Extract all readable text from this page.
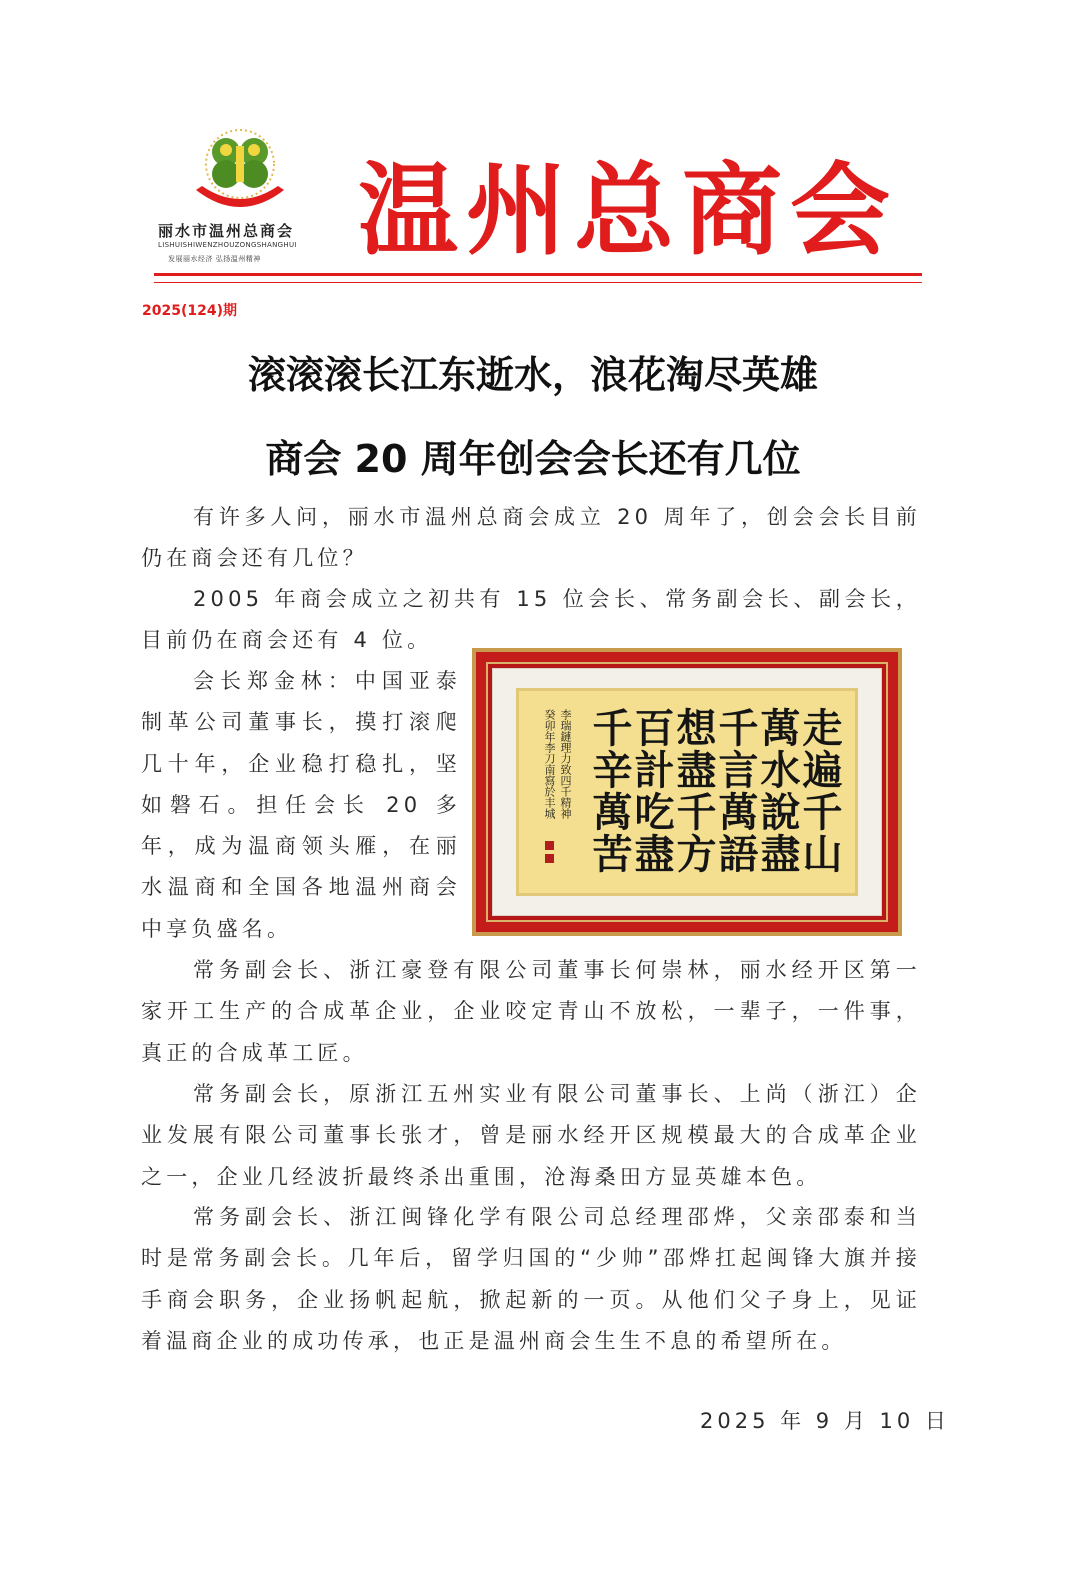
丽水市温州总商会
LISHUISHIWENZHOUZONGSHANGHUI
发展丽水经济 弘扬温州精神 温州总商会
2025(124)期
滚滚滚长江东逝水，浪花淘尽英雄
商会 20 周年创会会长还有几位

有许多人问，丽水市温州总商会成立 20 周年了，创会会长目前仍在商会还有几位？

2005 年商会成立之初共有 15 位会长、常务副会长、副会长，目前仍在商会还有 4 位。

会长郑金林：中国亚泰制革公司董事长，摸打滚爬几十年，企业稳打稳扎，坚如磐石。担任会长 20 多年，成为温商领头雁，在丽水温商和全国各地温州商会中享负盛名。

常务副会长、浙江豪登有限公司董事长何崇林，丽水经开区第一家开工生产的合成革企业，企业咬定青山不放松，一辈子，一件事，真正的合成革工匠。

常务副会长，原浙江五州实业有限公司董事长、上尚（浙江）企业发展有限公司董事长张才，曾是丽水经开区规模最大的合成革企业之一，企业几经波折最终杀出重围，沧海桑田方显英雄本色。

常务副会长、浙江闽锋化学有限公司总经理邵烨，父亲邵泰和当时是常务副会长。几年后，留学归国的“少帅”邵烨扛起闽锋大旗并接手商会职务，企业扬帆起航，掀起新的一页。从他们父子身上，见证着温商企业的成功传承，也正是温州商会生生不息的希望所在。

2025 年 9 月 10 日
走遍千山
萬水說盡
千言萬語
想盡千方
百計吃盡
千辛萬苦
李瑞鏈理力致四千精神
癸卯年李刀南寫於丰城
